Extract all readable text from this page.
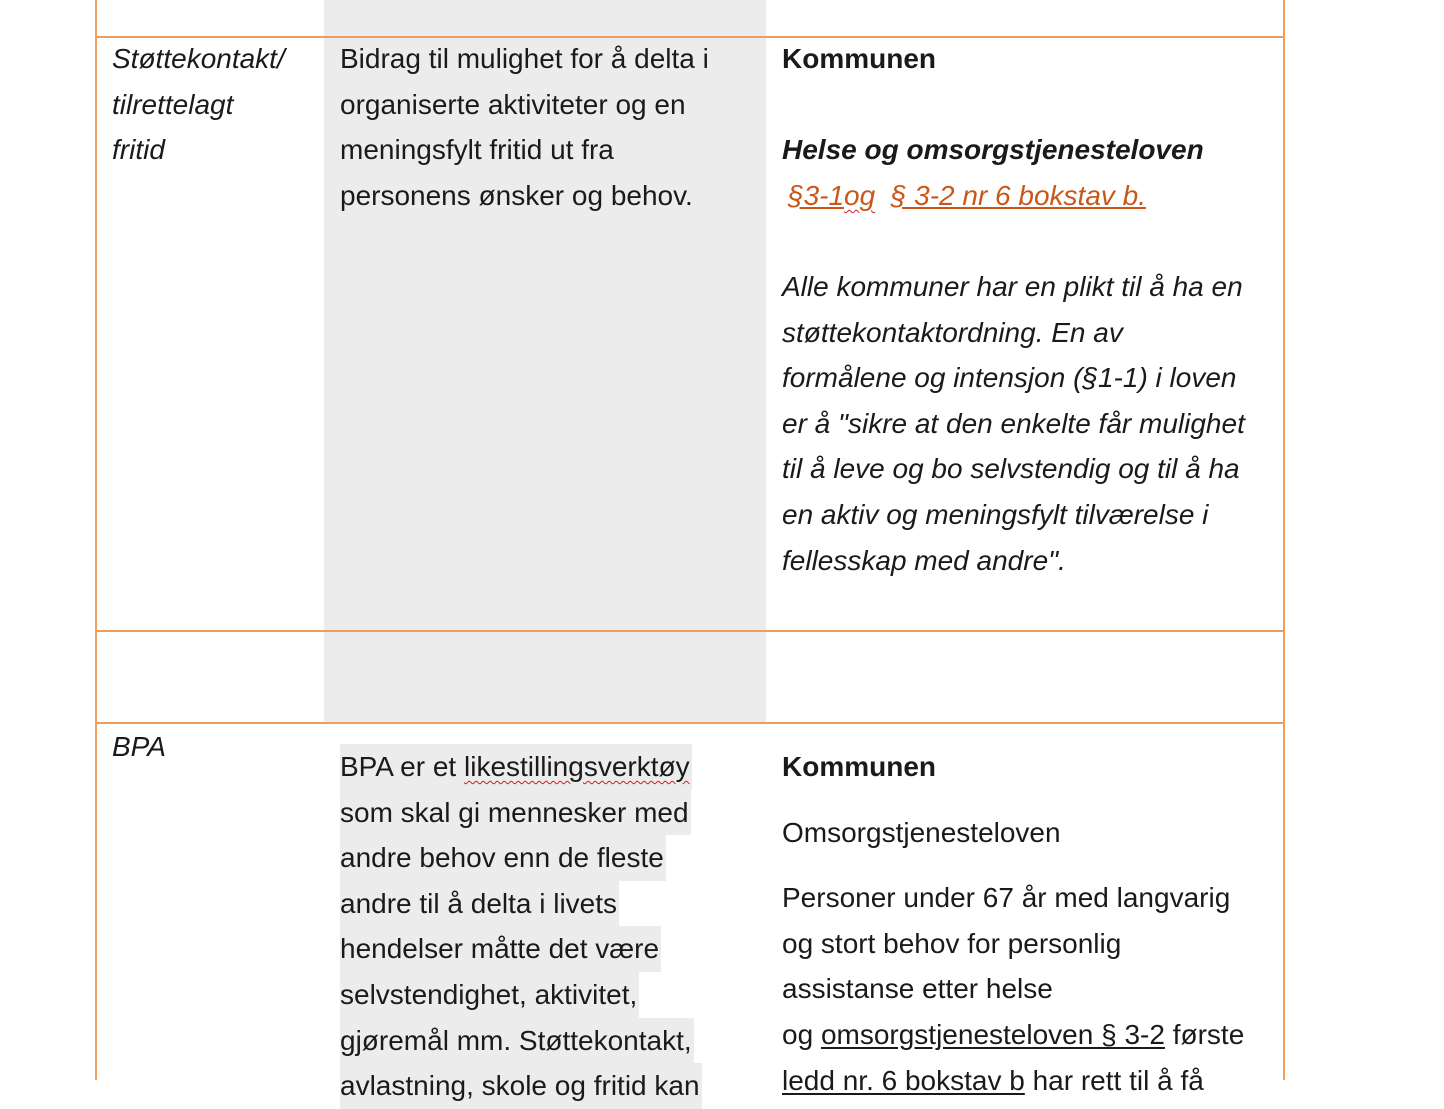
Støttekontakt/
tilrettelagt
fritid
Bidrag til mulighet for å delta i
organiserte aktiviteter og en
meningsfylt fritid ut fra
personens ønsker og behov.
Kommunen
Helse og omsorgstjenesteloven
§3-1og § 3-2 nr 6 bokstav b.
Alle kommuner har en plikt til å ha en
støttekontaktordning. En av
formålene og intensjon (§1-1) i loven
er å "sikre at den enkelte får mulighet
til å leve og bo selvstendig og til å ha
en aktiv og meningsfylt tilværelse i
fellesskap med andre".
BPA
BPA er et likestillingsverktøy
som skal gi mennesker med
andre behov enn de fleste
andre til å delta i livets
hendelser måtte det være
selvstendighet, aktivitet,
gjøremål mm. Støttekontakt,
avlastning, skole og fritid kan
Kommunen
Omsorgstjenesteloven
Personer under 67 år med langvarig
og stort behov for personlig
assistanse etter helse
og omsorgstjenesteloven § 3-2 første
ledd nr. 6 bokstav b har rett til å få
